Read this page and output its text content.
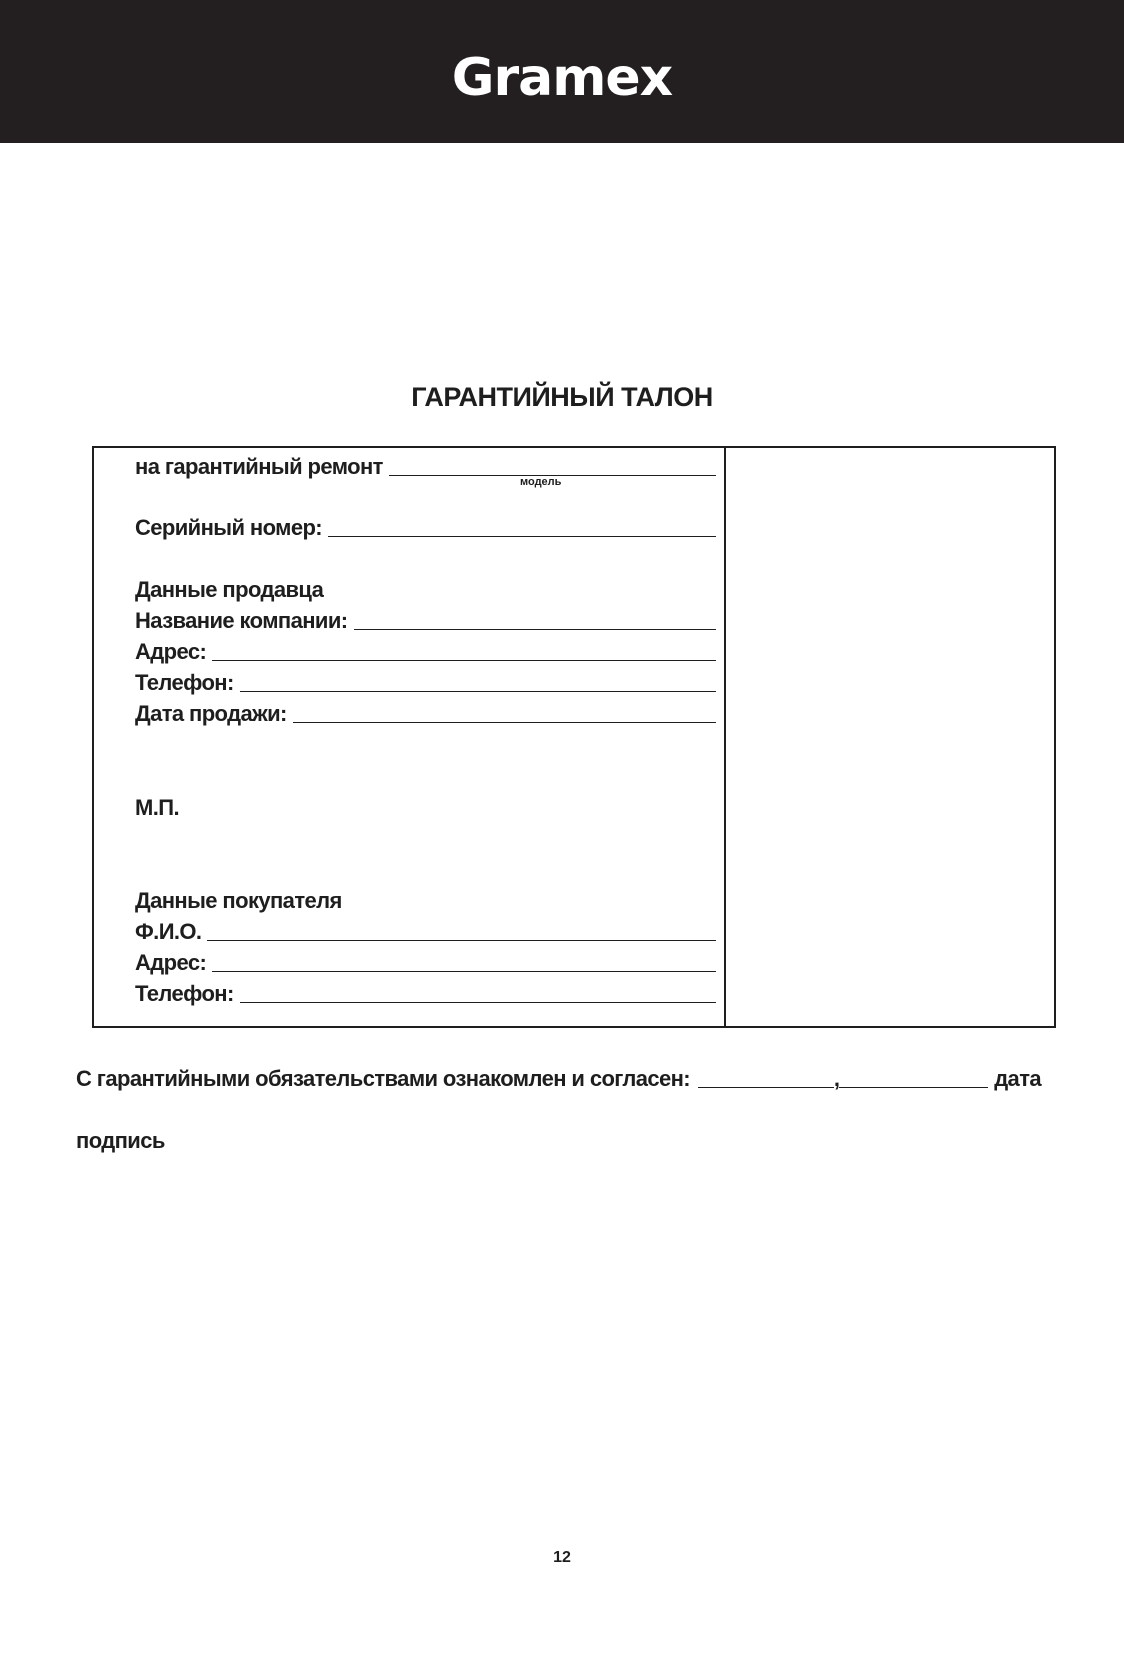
Gramex
ГАРАНТИЙНЫЙ ТАЛОН
на гарантийный ремонт
модель
Серийный номер:
Данные продавца
Название компании:
Адрес:
Телефон:
Дата продажи:
М.П.
Данные покупателя
Ф.И.О.
Адрес:
Телефон:
С гарантийными обязательствами ознакомлен и согласен:	,	дата
подпись
12
